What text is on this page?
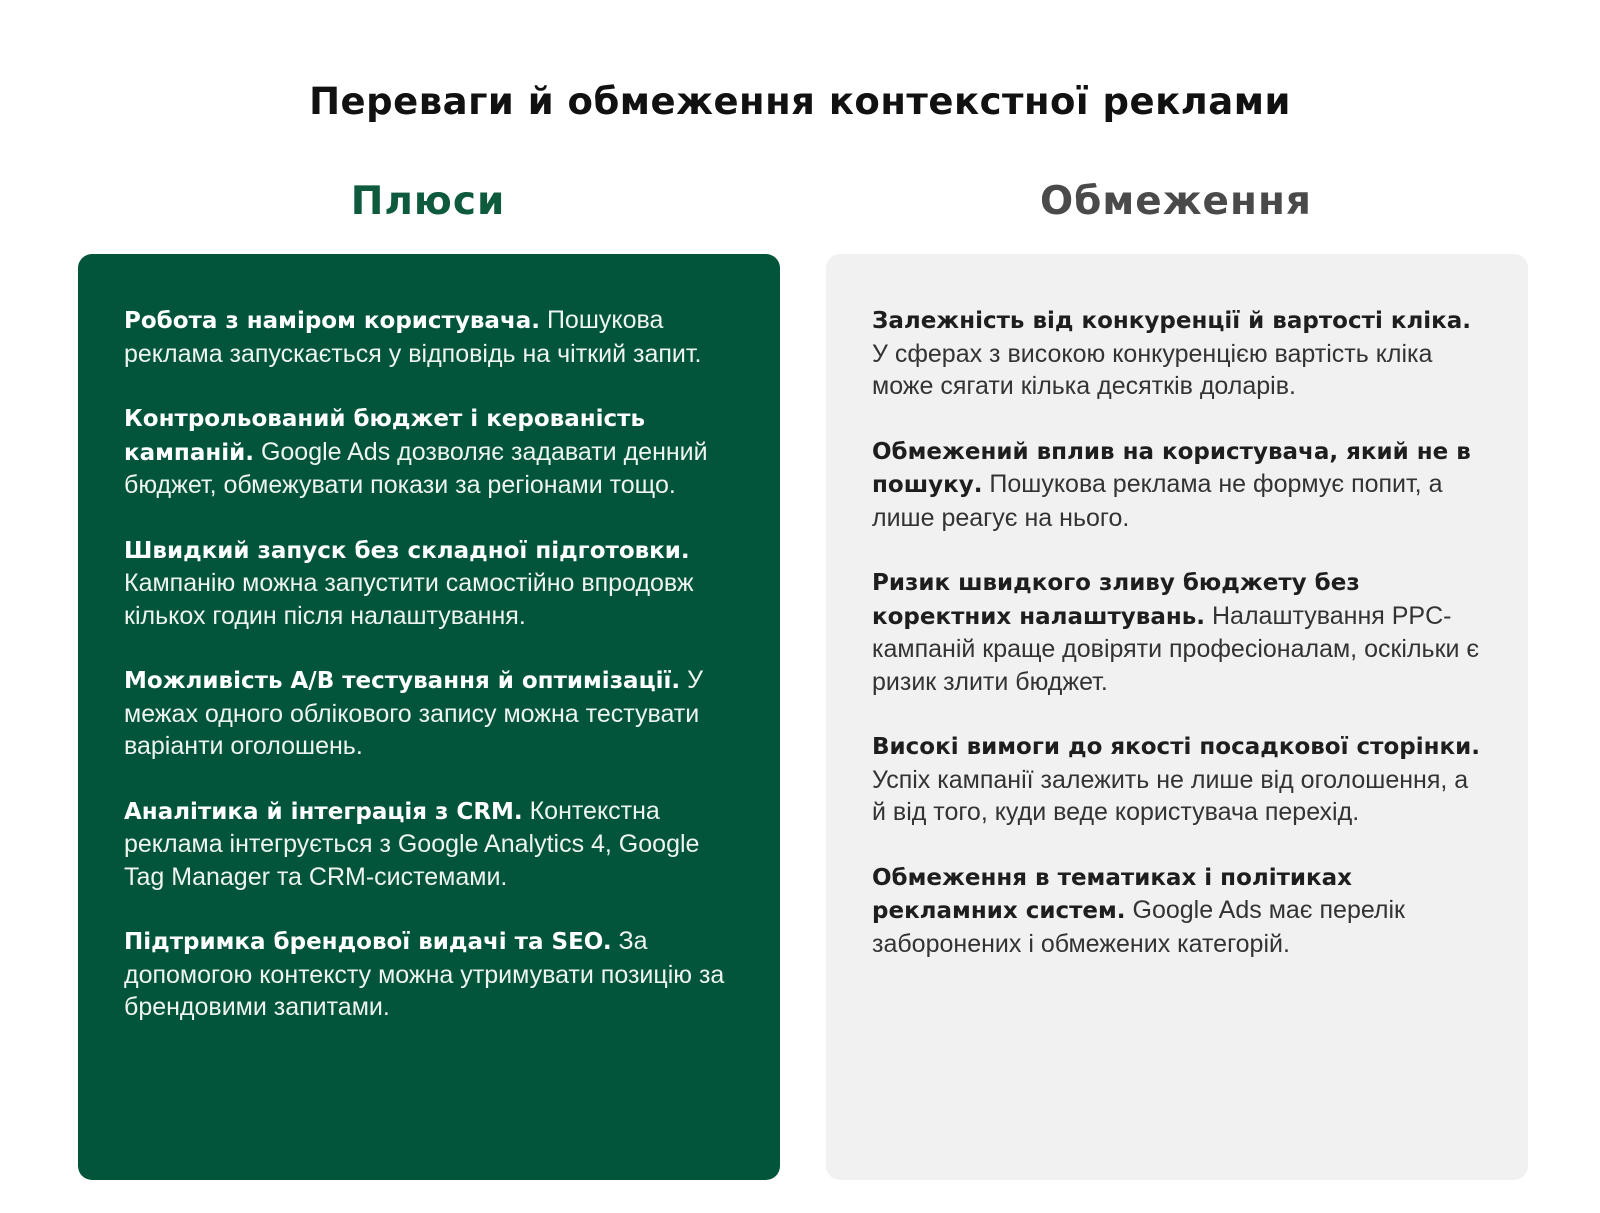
Переваги й обмеження контекстної реклами
Плюси	Обмеження

Робота з наміром користувача. Пошукова реклама запускається у відповідь на чіткий запит.

Контрольований бюджет і керованість кампаній. Google Ads дозволяє задавати денний бюджет, обмежувати покази за регіонами тощо.

Швидкий запуск без складної підготовки. Кампанію можна запустити самостійно впродовж кількох годин після налаштування.

Можливість A/B тестування й оптимізації. У межах одного облікового запису можна тестувати варіанти оголошень.

Аналітика й інтеграція з CRM. Контекстна реклама інтегрується з Google Analytics 4, Google Tag Manager та CRM-системами.

Підтримка брендової видачі та SEO. За допомогою контексту можна утримувати позицію за брендовими запитами.

Залежність від конкуренції й вартості кліка. У сферах з високою конкуренцією вартість кліка може сягати кілька десятків доларів.

Обмежений вплив на користувача, який не в пошуку. Пошукова реклама не формує попит, а лише реагує на нього.

Ризик швидкого зливу бюджету без коректних налаштувань. Налаштування PPC-кампаній краще довіряти професіоналам, оскільки є ризик злити бюджет.

Високі вимоги до якості посадкової сторінки. Успіх кампанії залежить не лише від оголошення, а й від того, куди веде користувача перехід.

Обмеження в тематиках і політиках рекламних систем. Google Ads має перелік заборонених і обмежених категорій.
